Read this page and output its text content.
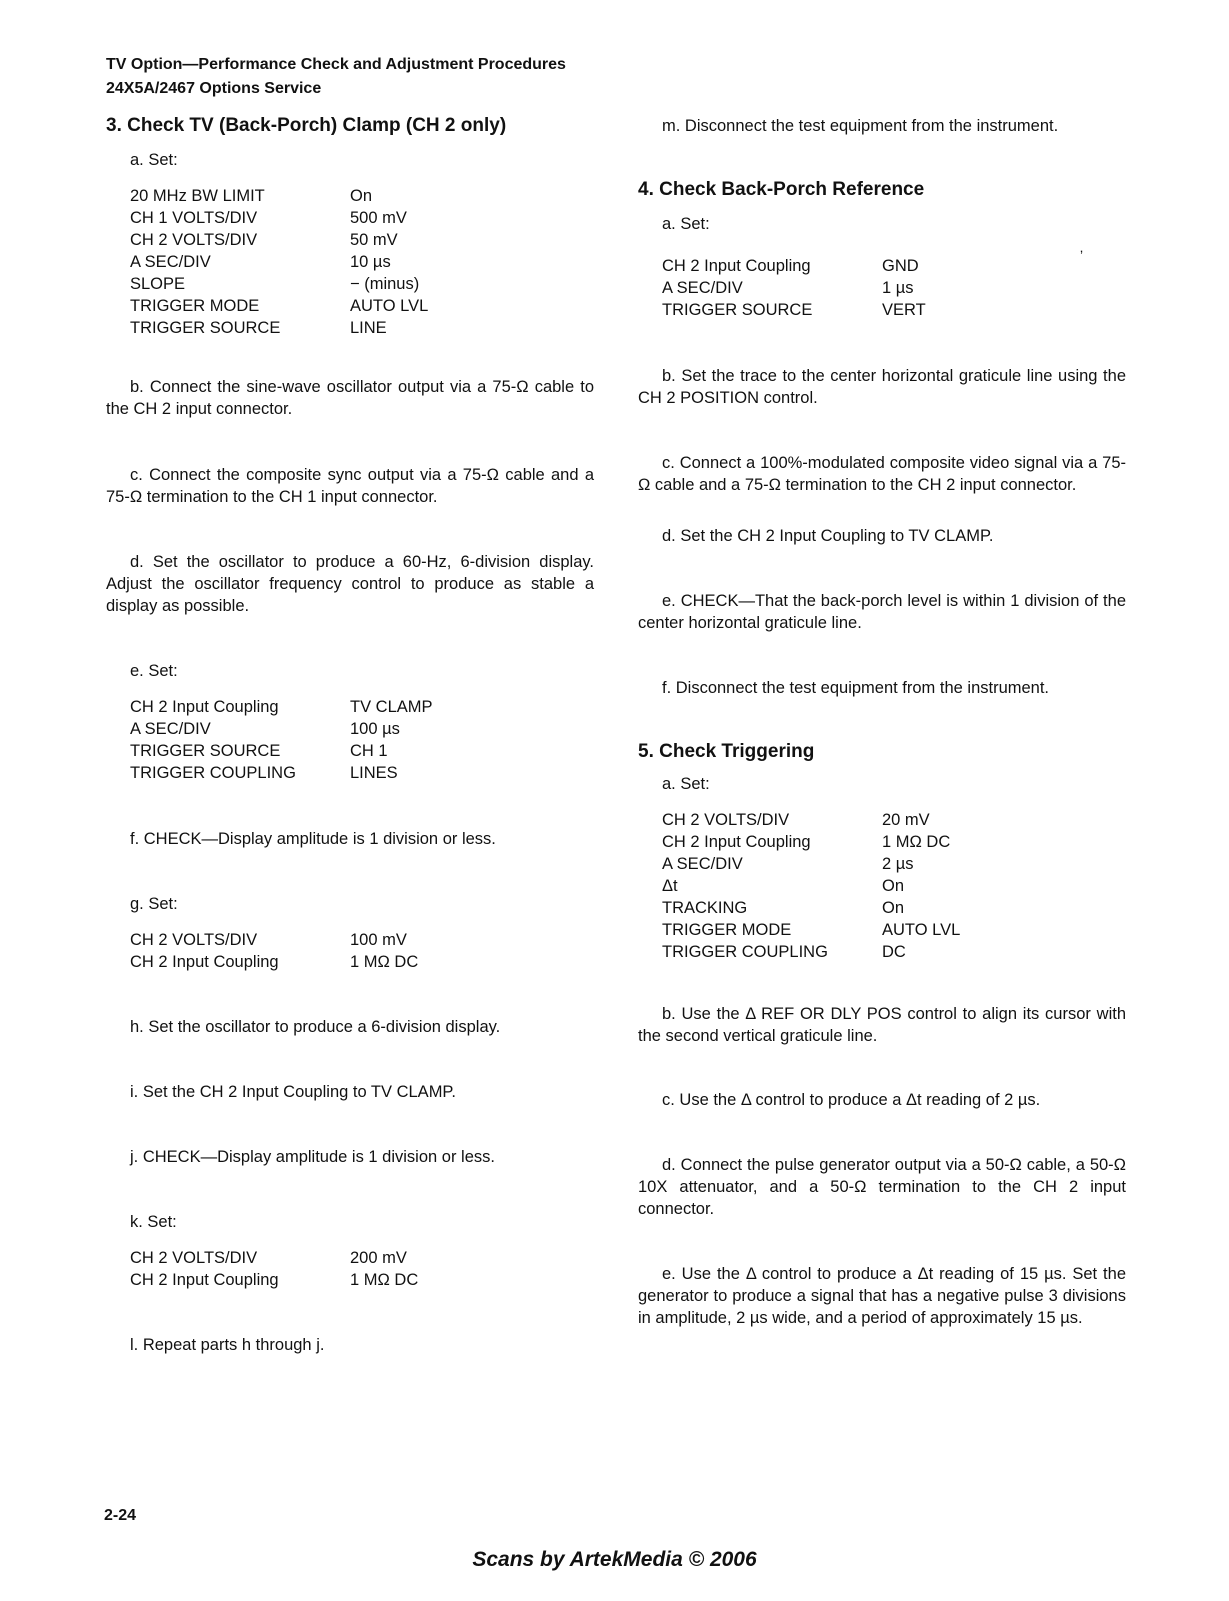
TV Option—Performance Check and Adjustment Procedures
24X5A/2467 Options Service
ʼ
3. Check TV (Back-Porch) Clamp (CH 2 only)

a. Set:

20 MHz BW LIMIT	On
CH 1 VOLTS/DIV	500 mV
CH 2 VOLTS/DIV	50 mV
A SEC/DIV	10 µs
SLOPE	− (minus)
TRIGGER MODE	AUTO LVL
TRIGGER SOURCE	LINE

b. Connect the sine-wave oscillator output via a 75-Ω cable to the CH 2 input connector.

c. Connect the composite sync output via a 75-Ω cable and a 75-Ω termination to the CH 1 input connector.

d. Set the oscillator to produce a 60-Hz, 6-division display. Adjust the oscillator frequency control to produce as stable a display as possible.

e. Set:

CH 2 Input Coupling	TV CLAMP
A SEC/DIV	100 µs
TRIGGER SOURCE	CH 1
TRIGGER COUPLING	LINES

f. CHECK—Display amplitude is 1 division or less.

g. Set:

CH 2 VOLTS/DIV	100 mV
CH 2 Input Coupling	1 MΩ DC

h. Set the oscillator to produce a 6-division display.

i. Set the CH 2 Input Coupling to TV CLAMP.

j. CHECK—Display amplitude is 1 division or less.

k. Set:

CH 2 VOLTS/DIV	200 mV
CH 2 Input Coupling	1 MΩ DC

l. Repeat parts h through j.

m. Disconnect the test equipment from the instrument.

4. Check Back-Porch Reference

a. Set:

CH 2 Input Coupling	GND
A SEC/DIV	1 µs
TRIGGER SOURCE	VERT

b. Set the trace to the center horizontal graticule line using the CH 2 POSITION control.

c. Connect a 100%-modulated composite video signal via a 75-Ω cable and a 75-Ω termination to the CH 2 input connector.

d. Set the CH 2 Input Coupling to TV CLAMP.

e. CHECK—That the back-porch level is within 1 division of the center horizontal graticule line.

f. Disconnect the test equipment from the instrument.

5. Check Triggering

a. Set:

CH 2 VOLTS/DIV	20 mV
CH 2 Input Coupling	1 MΩ DC
A SEC/DIV	2 µs
Δt	On
TRACKING	On
TRIGGER MODE	AUTO LVL
TRIGGER COUPLING	DC

b. Use the Δ REF OR DLY POS control to align its cursor with the second vertical graticule line.

c. Use the Δ control to produce a Δt reading of 2 µs.

d. Connect the pulse generator output via a 50-Ω cable, a 50-Ω 10X attenuator, and a 50-Ω termination to the CH 2 input connector.

e. Use the Δ control to produce a Δt reading of 15 µs. Set the generator to produce a signal that has a negative pulse 3 divisions in amplitude, 2 µs wide, and a period of approximately 15 µs.

2-24
Scans by ArtekMedia © 2006
